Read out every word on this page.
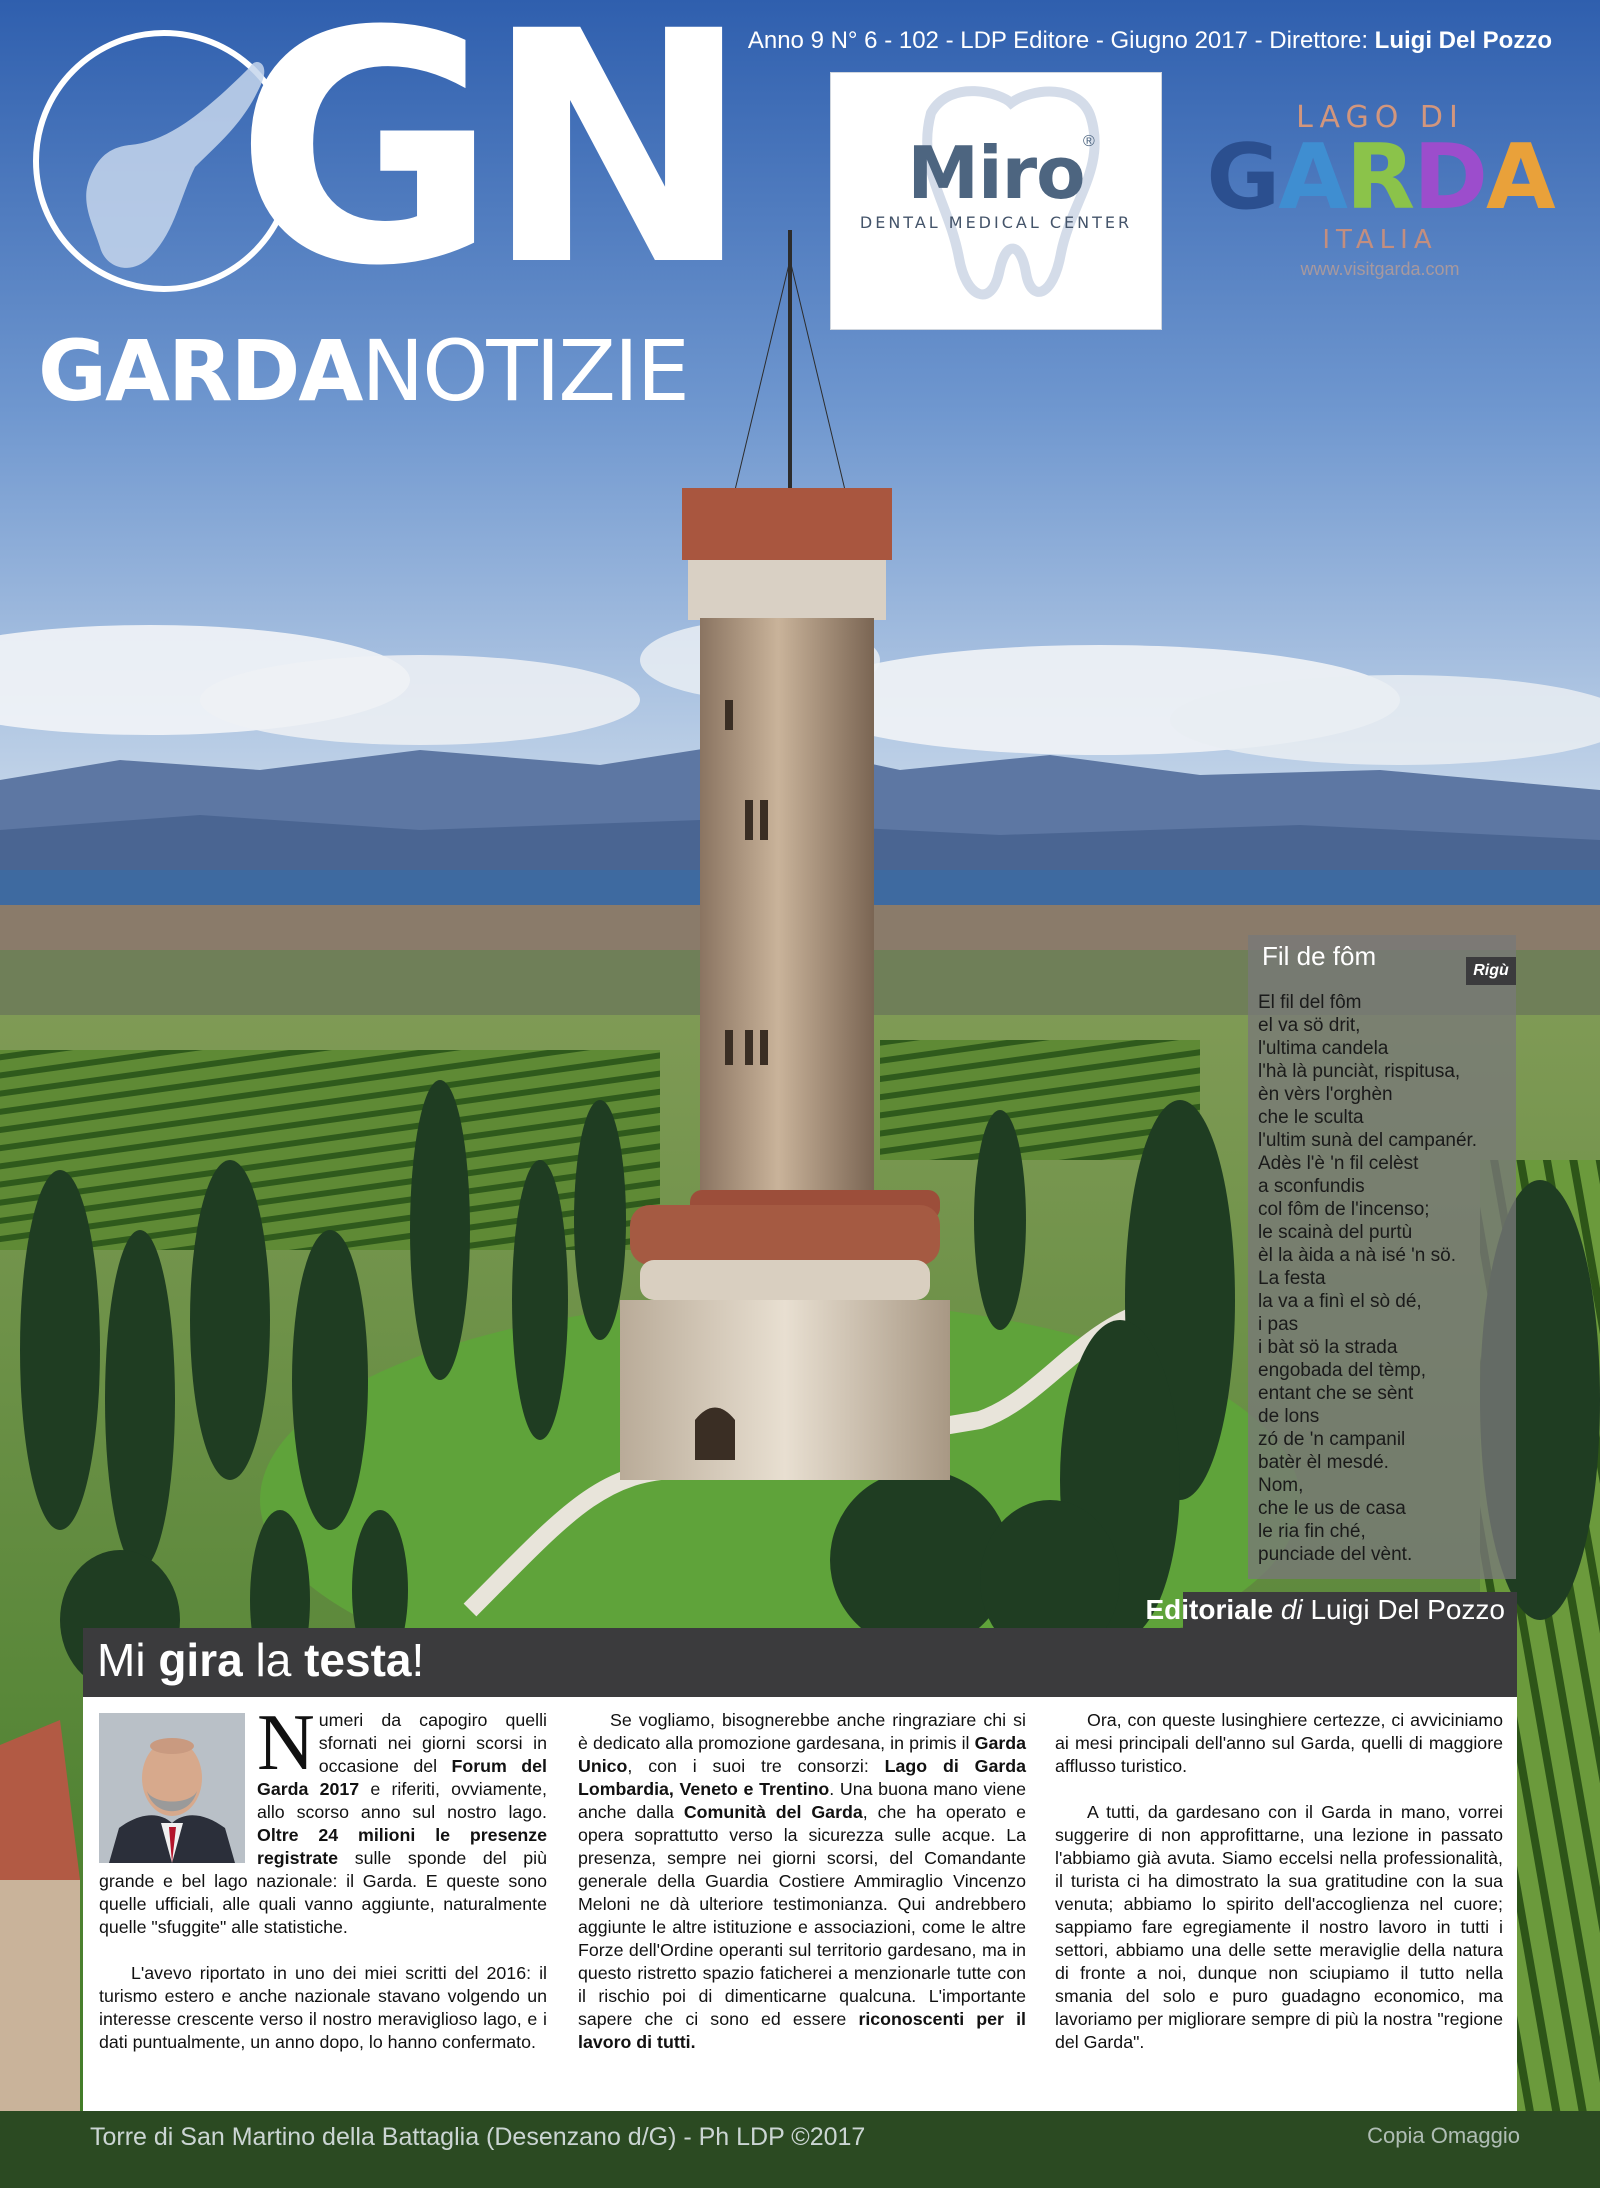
GN
GARDANOTIZIE
Anno 9 N° 6 - 102 - LDP Editore - Giugno 2017 - Direttore: Luigi Del Pozzo
Miro
®
DENTAL MEDICAL CENTER
LAGO DI
GARDA
ITALIA
www.visitgarda.com
Fil de fôm	Rigù
El fil del fôm
el va sö drit,
l'ultima candela
l'hà là punciàt, rispitusa,
èn vèrs l'orghèn
che le sculta
l'ultim sunà del campanér.
Adès l'è 'n fil celèst
a sconfundis
col fôm de l'incenso;
le scainà del purtù
èl la àida a nà isé 'n sö.
La festa
la va a finì el sò dé,
i pas
i bàt sö la strada
engobada del tèmp,
entant che se sènt
de lons
zó de 'n campanil
batèr èl mesdé.
Nom,
che le us de casa
le ria fin ché,
punciade del vènt.
Editoriale di Luigi Del Pozzo
Mi gira la testa!

Numeri da capogiro quelli sfornati nei giorni scorsi in occasione del Forum del Garda 2017 e riferiti, ovviamente, allo scorso anno sul nostro lago. Oltre 24 milioni le presenze registrate sulle sponde del più grande e bel lago nazionale: il Garda. E queste sono quelle ufficiali, alle quali vanno aggiunte, naturalmente quelle "sfuggite" alle statistiche.

L'avevo riportato in uno dei miei scritti del 2016: il turismo estero e anche nazionale stavano volgendo un interesse crescente verso il nostro meraviglioso lago, e i dati puntualmente, un anno dopo, lo hanno confermato.

Se vogliamo, bisognerebbe anche ringraziare chi si è dedicato alla promozione gardesana, in primis il Garda Unico, con i suoi tre consorzi: Lago di Garda Lombardia, Veneto e Trentino. Una buona mano viene anche dalla Comunità del Garda, che ha operato e opera soprattutto verso la sicurezza sulle acque. La presenza, sempre nei giorni scorsi, del Comandante generale della Guardia Costiere Ammiraglio Vincenzo Meloni ne dà ulteriore testimonianza. Qui andrebbero aggiunte le altre istituzione e associazioni, come le altre Forze dell'Ordine operanti sul territorio gardesano, ma in questo ristretto spazio faticherei a menzionarle tutte con il rischio poi di dimenticarne qualcuna. L'importante sapere che ci sono ed essere riconoscenti per il lavoro di tutti.

Ora, con queste lusinghiere certezze, ci avviciniamo ai mesi principali dell'anno sul Garda, quelli di maggiore afflusso turistico.

A tutti, da gardesano con il Garda in mano, vorrei suggerire di non approfittarne, una lezione in passato l'abbiamo già avuta. Siamo eccelsi nella professionalità, il turista ci ha dimostrato la sua gratitudine con la sua venuta; abbiamo lo spirito dell'accoglienza nel cuore; sappiamo fare egregiamente il nostro lavoro in tutti i settori, abbiamo una delle sette meraviglie della natura di fronte a noi, dunque non sciupiamo il tutto nella smania del solo e puro guadagno economico, ma lavoriamo per migliorare sempre di più la nostra "regione del Garda".

Torre di San Martino della Battaglia (Desenzano d/G) - Ph LDP ©2017	Copia Omaggio
